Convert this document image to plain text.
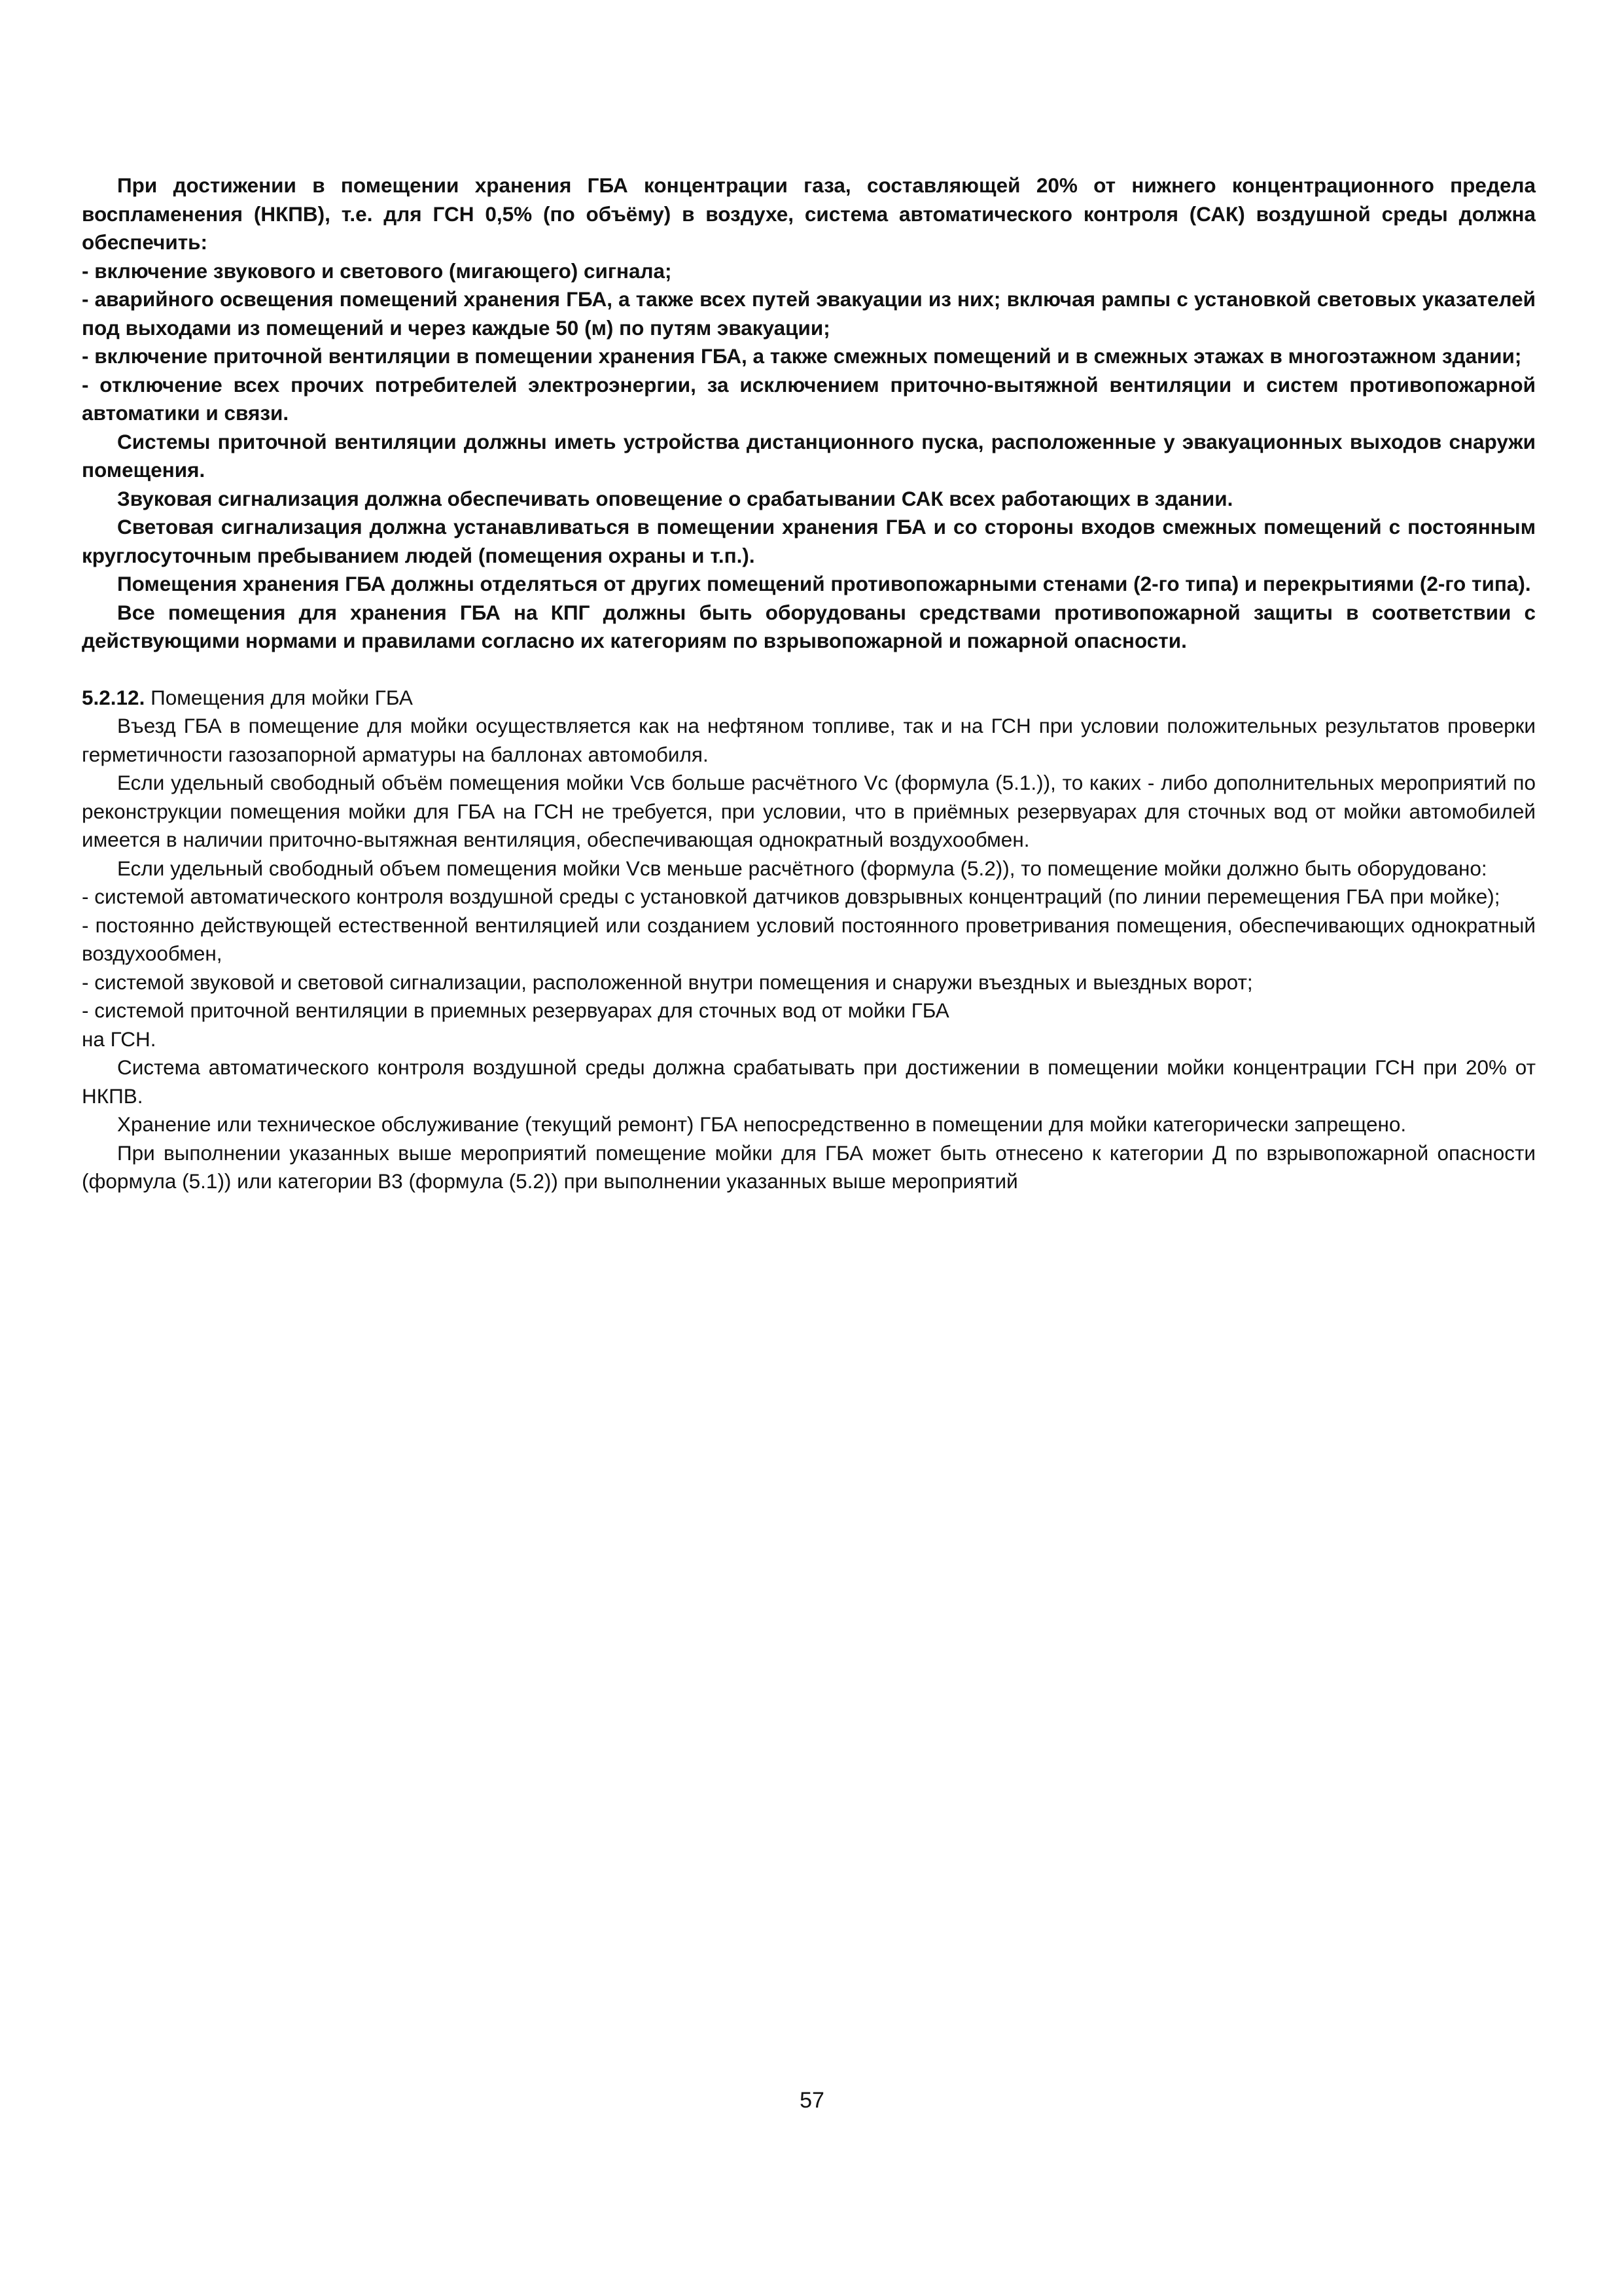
При достижении в помещении хранения ГБА концентрации газа, составляющей 20% от нижнего концентрационного предела воспламенения (НКПВ), т.е. для ГСН 0,5% (по объёму) в воздухе, система автоматического контроля (САК) воздушной среды должна обеспечить:

- включение звукового и светового (мигающего) сигнала;

- аварийного освещения помещений хранения ГБА, а также всех путей эвакуации из них; включая рампы с установкой световых указателей под выходами из помещений и через каждые 50 (м) по путям эвакуации;

- включение приточной вентиляции в помещении хранения ГБА, а также смежных помещений и в смежных этажах в многоэтажном здании;

- отключение всех прочих потребителей электроэнергии, за исключением приточно-вытяжной вентиляции и систем противопожарной автоматики и связи.

Системы приточной вентиляции должны иметь устройства дистанционного пуска, расположенные у эвакуационных выходов снаружи помещения.

Звуковая сигнализация должна обеспечивать оповещение о срабатывании САК всех работающих в здании.

Световая сигнализация должна устанавливаться в помещении хранения ГБА и со стороны входов смежных помещений с постоянным круглосуточным пребыванием людей (помещения охраны и т.п.).

Помещения хранения ГБА должны отделяться от других помещений противопожарными стенами (2-го типа) и перекрытиями (2-го типа).

Все помещения для хранения ГБА на КПГ должны быть оборудованы средствами противопожарной защиты в соответствии с действующими нормами и правилами согласно их категориям по взрывопожарной и пожарной опасности.

5.2.12. Помещения для мойки ГБА

Въезд ГБА в помещение для мойки осуществляется как на нефтяном топливе, так и на ГСН при условии положительных результатов проверки герметичности газозапорной арматуры на баллонах автомобиля.

Если удельный свободный объём помещения мойки Vсв больше расчётного Vc (формула (5.1.)), то каких - либо дополнительных мероприятий по реконструкции помещения мойки для ГБА на ГСН не требуется, при условии, что в приёмных резервуарах для сточных вод от мойки автомобилей имеется в наличии приточно-вытяжная вентиляция, обеспечивающая однократный воздухообмен.

Если удельный свободный объем помещения мойки Vсв меньше расчётного (формула (5.2)), то помещение мойки должно быть оборудовано:

- системой автоматического контроля воздушной среды с установкой датчиков довзрывных концентраций (по линии перемещения ГБА при мойке);

- постоянно действующей естественной вентиляцией или созданием условий постоянного проветривания помещения, обеспечивающих однократный воздухообмен,

- системой звуковой и световой сигнализации, расположенной внутри помещения и снаружи въездных и выездных ворот;

- системой приточной вентиляции в приемных резервуарах для сточных вод от мойки ГБА

на ГСН.

Система автоматического контроля воздушной среды должна срабатывать при достижении в помещении мойки концентрации ГСН при 20% от НКПВ.

Хранение или техническое обслуживание (текущий ремонт) ГБА непосредственно в помещении для мойки категорически запрещено.

При выполнении указанных выше мероприятий помещение мойки для ГБА может быть отнесено к категории Д по взрывопожарной опасности (формула (5.1)) или категории В3 (формула (5.2)) при выполнении указанных выше мероприятий

57
